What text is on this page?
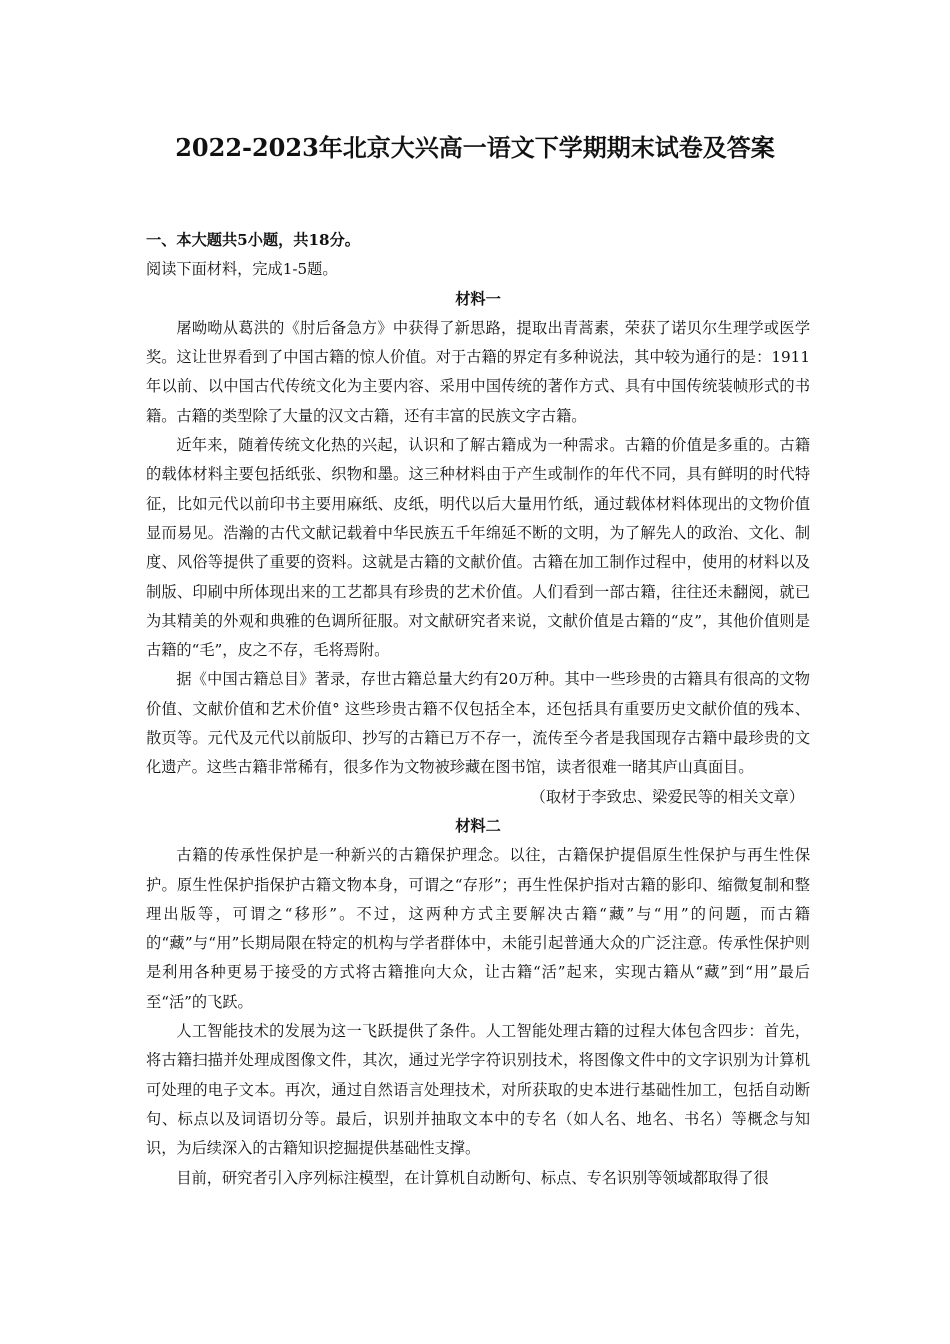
2022-2023年北京大兴高一语文下学期期末试卷及答案
一、本大题共5小题，共18分。
阅读下面材料，完成1-5题。
材料一

屠呦呦从葛洪的《肘后备急方》中获得了新思路，提取出青蒿素，荣获了诺贝尔生理学或医学奖。这让世界看到了中国古籍的惊人价值。对于古籍的界定有多种说法，其中较为通行的是：1911年以前、以中国古代传统文化为主要内容、采用中国传统的著作方式、具有中国传统装帧形式的书籍。古籍的类型除了大量的汉文古籍，还有丰富的民族文字古籍。

近年来，随着传统文化热的兴起，认识和了解古籍成为一种需求。古籍的价值是多重的。古籍的载体材料主要包括纸张、织物和墨。这三种材料由于产生或制作的年代不同，具有鲜明的时代特征，比如元代以前印书主要用麻纸、皮纸，明代以后大量用竹纸，通过载体材料体现出的文物价值显而易见。浩瀚的古代文献记载着中华民族五千年绵延不断的文明，为了解先人的政治、文化、制度、风俗等提供了重要的资料。这就是古籍的文献价值。古籍在加工制作过程中，使用的材料以及制版、印刷中所体现出来的工艺都具有珍贵的艺术价值。人们看到一部古籍，往往还未翻阅，就已为其精美的外观和典雅的色调所征服。对文献研究者来说，文献价值是古籍的“皮”，其他价值则是古籍的“毛”，皮之不存，毛将焉附。

据《中国古籍总目》著录，存世古籍总量大约有20万种。其中一些珍贵的古籍具有很高的文物价值、文献价值和艺术价值° 这些珍贵古籍不仅包括全本，还包括具有重要历史文献价值的残本、散页等。元代及元代以前版印、抄写的古籍已万不存一，流传至今者是我国现存古籍中最珍贵的文化遗产。这些古籍非常稀有，很多作为文物被珍藏在图书馆，读者很难一睹其庐山真面目。

（取材于李致忠、梁爱民等的相关文章）
材料二

古籍的传承性保护是一种新兴的古籍保护理念。以往，古籍保护提倡原生性保护与再生性保护。原生性保护指保护古籍文物本身，可谓之“存形”；再生性保护指对古籍的影印、缩微复制和整理出版等，可谓之“移形”。不过，这两种方式主要解决古籍“藏”与“用”的问题，而古籍的“藏”与“用”长期局限在特定的机构与学者群体中，未能引起普通大众的广泛注意。传承性保护则是利用各种更易于接受的方式将古籍推向大众，让古籍“活”起来，实现古籍从“藏”到“用”最后至“活”的飞跃。

人工智能技术的发展为这一飞跃提供了条件。人工智能处理古籍的过程大体包含四步：首先，将古籍扫描并处理成图像文件，其次，通过光学字符识别技术，将图像文件中的文字识别为计算机可处理的电子文本。再次，通过自然语言处理技术，对所获取的史本进行基础性加工，包括自动断句、标点以及词语切分等。最后，识别并抽取文本中的专名（如人名、地名、书名）等概念与知识，为后续深入的古籍知识挖掘提供基础性支撑。

目前，研究者引入序列标注模型，在计算机自动断句、标点、专名识别等领域都取得了很
